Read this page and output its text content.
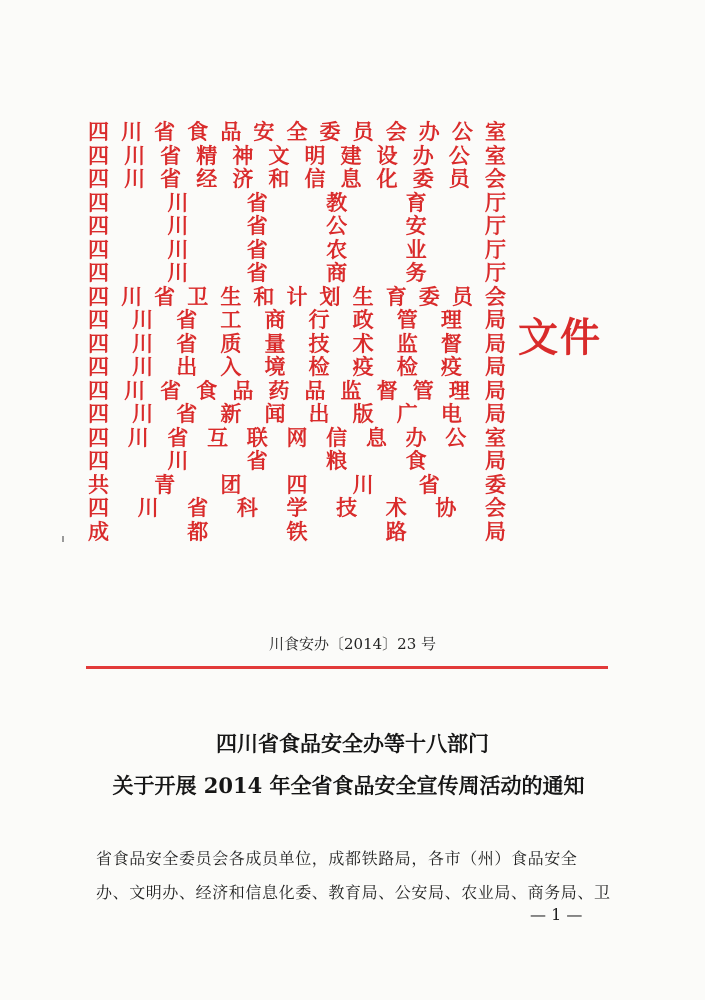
四 川 省 食 品 安 全 委 员 会 办 公 室
四 川 省 精 神 文 明 建 设 办 公 室
四 川 省 经 济 和 信 息 化 委 员 会
四	川	省	教	育	厅
四	川	省	公	安	厅
四	川	省	农	业	厅
四	川	省	商	务	厅
四 川 省 卫 生 和 计 划 生 育 委 员 会
四 川 省 工 商 行 政 管 理 局
四 川 省 质 量 技 术 监 督 局
四 川 出 入 境 检 疫 检 疫 局
四 川 省 食 品 药 品 监 督 管 理 局
四 川 省 新 闻 出 版 广 电 局
四 川 省 互 联 网 信 息 办 公 室
四	川	省	粮	食	局
共 青 团 四 川 省 委
四 川 省 科 学 技 术 协 会
成	都	铁	路	局
文件
川食安办〔2014〕23 号
四川省食品安全办等十八部门
关于开展 2014 年全省食品安全宣传周活动的通知
省食品安全委员会各成员单位，成都铁路局，各市（州）食品安全
办、文明办、经济和信息化委、教育局、公安局、农业局、商务局、卫
— 1 —
